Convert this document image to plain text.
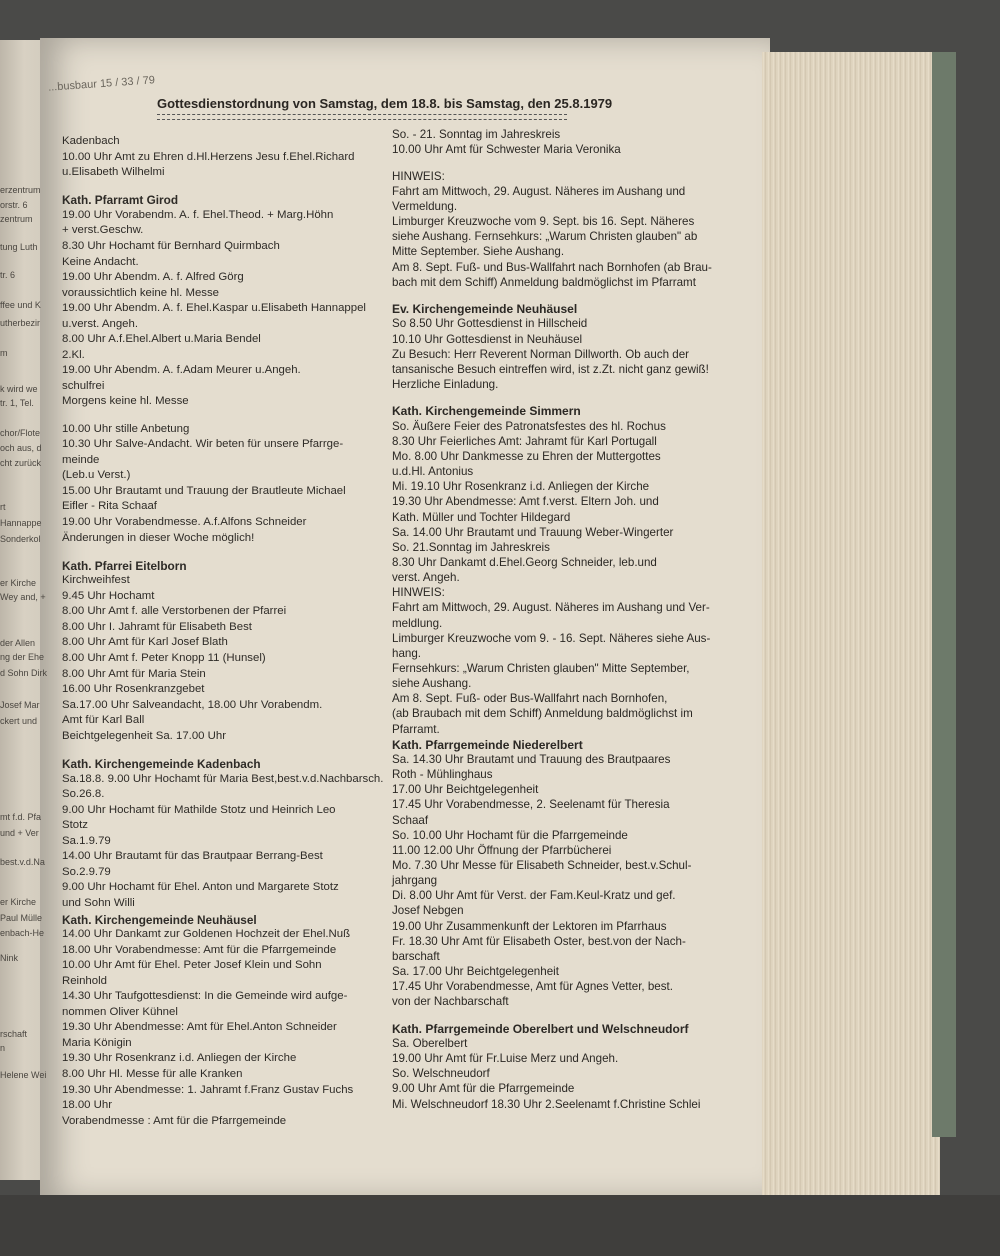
erzentrum
orstr. 6
zentrum
tung Luth
tr. 6
ffee und K
utherbezir
m
k wird we
tr. 1, Tel.
chor/Flote
och aus, d
cht zurück
rt
Hannappe
Sonderkol
er Kirche
Wey and, +
der Allen
ng der Ehe
d Sohn Dirk
Josef Mar
ckert und
mt f.d. Pfa
und + Ver
best.v.d.Na
er Kirche
Paul Mülle
enbach-He
Nink
rschaft
n
Helene Wei
...busbaur 15 / 33 / 79
Gottesdienstordnung von Samstag, dem 18.8. bis Samstag, den 25.8.1979
Kadenbach
10.00 Uhr Amt zu Ehren d.Hl.Herzens Jesu f.Ehel.Richard
u.Elisabeth Wilhelmi
Kath. Pfarramt Girod
19.00 Uhr Vorabendm. A. f. Ehel.Theod. + Marg.Höhn
+ verst.Geschw.
8.30 Uhr Hochamt für Bernhard Quirmbach
Keine Andacht.
19.00 Uhr Abendm. A. f. Alfred Görg
voraussichtlich keine hl. Messe
19.00 Uhr Abendm. A. f. Ehel.Kaspar u.Elisabeth Hannappel
u.verst. Angeh.
8.00 Uhr A.f.Ehel.Albert u.Maria Bendel
2.Kl.
19.00 Uhr Abendm. A. f.Adam Meurer u.Angeh.
schulfrei
Morgens keine hl. Messe
10.00 Uhr stille Anbetung
10.30 Uhr Salve-Andacht. Wir beten für unsere Pfarrge-
meinde
(Leb.u Verst.)
15.00 Uhr Brautamt und Trauung der Brautleute Michael
Eifler - Rita Schaaf
19.00 Uhr Vorabendmesse. A.f.Alfons Schneider
Änderungen in dieser Woche möglich!
Kath. Pfarrei Eitelborn
Kirchweihfest
9.45 Uhr Hochamt
8.00 Uhr Amt f. alle Verstorbenen der Pfarrei
8.00 Uhr I. Jahramt für Elisabeth Best
8.00 Uhr Amt für Karl Josef Blath
8.00 Uhr Amt f. Peter Knopp 11 (Hunsel)
8.00 Uhr Amt für Maria Stein
16.00 Uhr Rosenkranzgebet
Sa.17.00 Uhr Salveandacht, 18.00 Uhr Vorabendm.
Amt für Karl Ball
Beichtgelegenheit Sa. 17.00 Uhr
Kath. Kirchengemeinde Kadenbach
Sa.18.8. 9.00 Uhr Hochamt für Maria Best,best.v.d.Nachbarsch.
So.26.8.
9.00 Uhr Hochamt für Mathilde Stotz und Heinrich Leo
Stotz
Sa.1.9.79
14.00 Uhr Brautamt für das Brautpaar Berrang-Best
So.2.9.79
9.00 Uhr Hochamt für Ehel. Anton und Margarete Stotz
und Sohn Willi
Kath. Kirchengemeinde Neuhäusel
14.00 Uhr Dankamt zur Goldenen Hochzeit der Ehel.Nuß
18.00 Uhr Vorabendmesse: Amt für die Pfarrgemeinde
10.00 Uhr Amt für Ehel. Peter Josef Klein und Sohn
Reinhold
14.30 Uhr Taufgottesdienst: In die Gemeinde wird aufge-
nommen Oliver Kühnel
19.30 Uhr Abendmesse: Amt für Ehel.Anton Schneider
Maria Königin
19.30 Uhr Rosenkranz i.d. Anliegen der Kirche
8.00 Uhr Hl. Messe für alle Kranken
19.30 Uhr Abendmesse: 1. Jahramt f.Franz Gustav Fuchs
18.00 Uhr
Vorabendmesse : Amt für die Pfarrgemeinde
So. - 21. Sonntag im Jahreskreis
10.00 Uhr Amt für Schwester Maria Veronika
HINWEIS:
Fahrt am Mittwoch, 29. August. Näheres im Aushang und
Vermeldung.
Limburger Kreuzwoche vom 9. Sept. bis 16. Sept. Näheres
siehe Aushang. Fernsehkurs: „Warum Christen glauben" ab
Mitte September. Siehe Aushang.
Am 8. Sept. Fuß- und Bus-Wallfahrt nach Bornhofen (ab Brau-
bach mit dem Schiff) Anmeldung baldmöglichst im Pfarramt
Ev. Kirchengemeinde Neuhäusel
So 8.50 Uhr Gottesdienst in Hillscheid
10.10 Uhr Gottesdienst in Neuhäusel
Zu Besuch: Herr Reverent Norman Dillworth. Ob auch der
tansanische Besuch eintreffen wird, ist z.Zt. nicht ganz gewiß!
Herzliche Einladung.
Kath. Kirchengemeinde Simmern
So. Äußere Feier des Patronatsfestes des hl. Rochus
8.30 Uhr Feierliches Amt: Jahramt für Karl Portugall
Mo. 8.00 Uhr Dankmesse zu Ehren der Muttergottes
u.d.Hl. Antonius
Mi. 19.10 Uhr Rosenkranz i.d. Anliegen der Kirche
19.30 Uhr Abendmesse: Amt f.verst. Eltern Joh. und
Kath. Müller und Tochter Hildegard
Sa. 14.00 Uhr Brautamt und Trauung Weber-Wingerter
So. 21.Sonntag im Jahreskreis
8.30 Uhr Dankamt d.Ehel.Georg Schneider, leb.und
verst. Angeh.
HINWEIS:
Fahrt am Mittwoch, 29. August. Näheres im Aushang und Ver-
meldlung.
Limburger Kreuzwoche vom 9. - 16. Sept. Näheres siehe Aus-
hang.
Fernsehkurs: „Warum Christen glauben" Mitte September,
siehe Aushang.
Am 8. Sept. Fuß- oder Bus-Wallfahrt nach Bornhofen,
(ab Braubach mit dem Schiff) Anmeldung baldmöglichst im
Pfarramt.
Kath. Pfarrgemeinde Niederelbert
Sa. 14.30 Uhr Brautamt und Trauung des Brautpaares
Roth - Mühlinghaus
17.00 Uhr Beichtgelegenheit
17.45 Uhr Vorabendmesse, 2. Seelenamt für Theresia
Schaaf
So. 10.00 Uhr Hochamt für die Pfarrgemeinde
11.00 12.00 Uhr Öffnung der Pfarrbücherei
Mo. 7.30 Uhr Messe für Elisabeth Schneider, best.v.Schul-
jahrgang
Di. 8.00 Uhr Amt für Verst. der Fam.Keul-Kratz und gef.
Josef Nebgen
19.00 Uhr Zusammenkunft der Lektoren im Pfarrhaus
Fr. 18.30 Uhr Amt für Elisabeth Oster, best.von der Nach-
barschaft
Sa. 17.00 Uhr Beichtgelegenheit
17.45 Uhr Vorabendmesse, Amt für Agnes Vetter, best.
von der Nachbarschaft
Kath. Pfarrgemeinde Oberelbert und Welschneudorf
Sa. Oberelbert
19.00 Uhr Amt für Fr.Luise Merz und Angeh.
So. Welschneudorf
9.00 Uhr Amt für die Pfarrgemeinde
Mi. Welschneudorf 18.30 Uhr 2.Seelenamt f.Christine Schlei
